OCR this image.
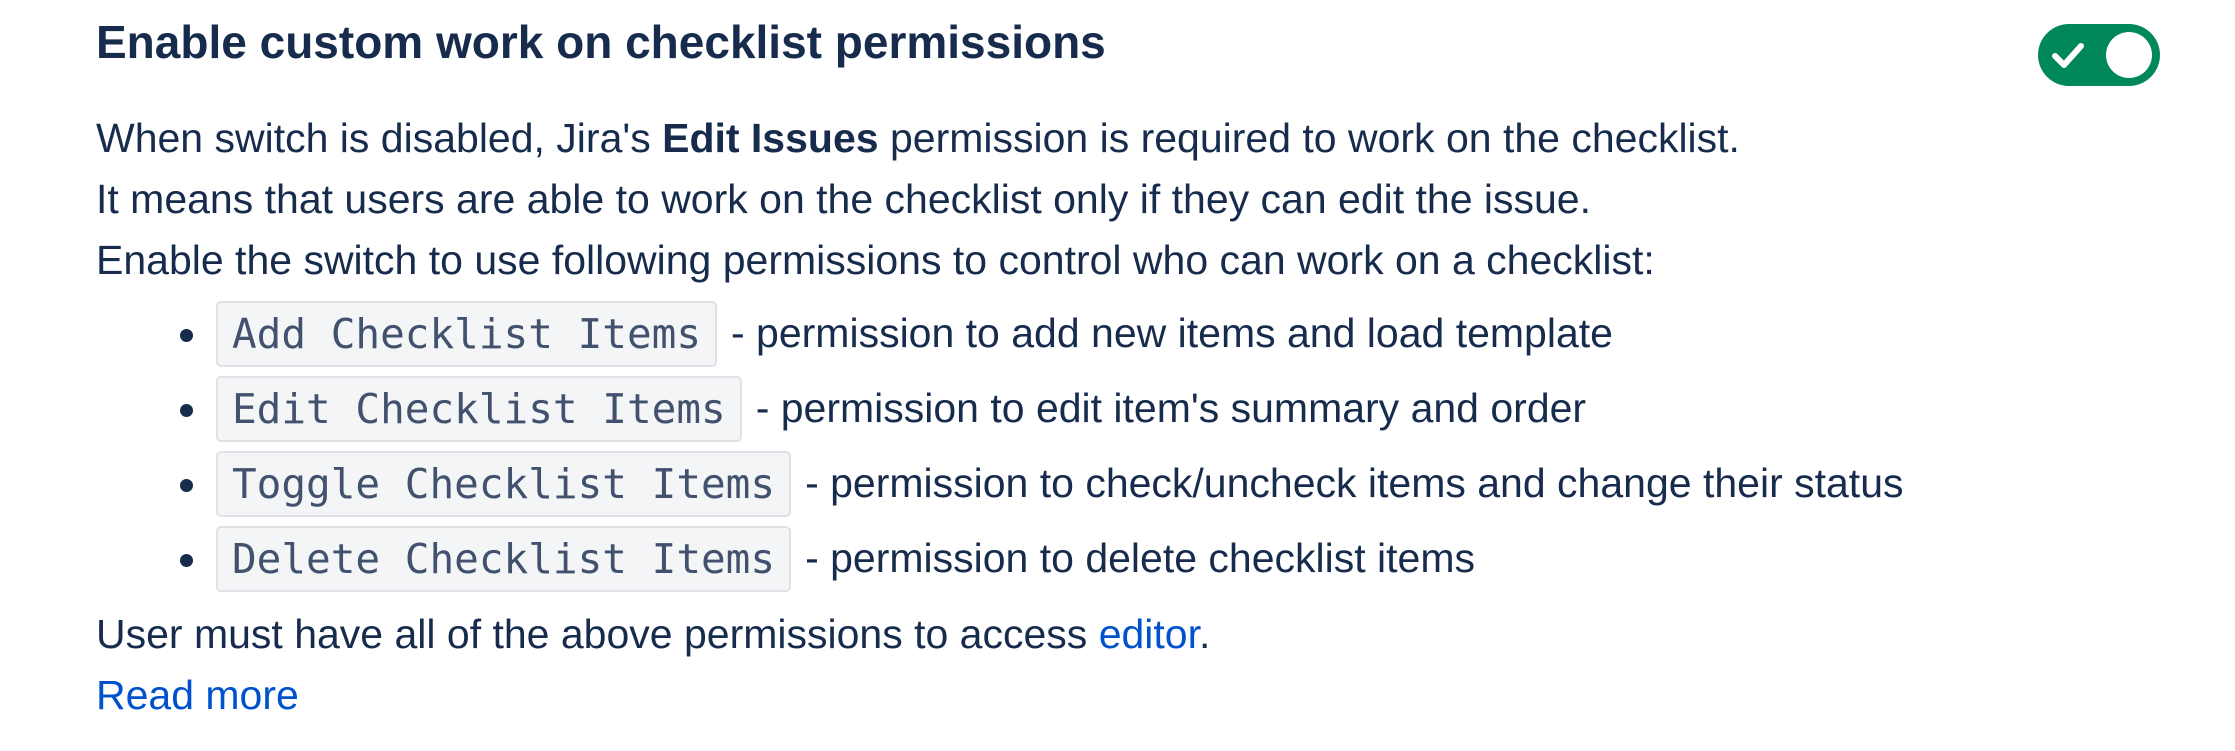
Enable custom work on checklist permissions
When switch is disabled, Jira's Edit Issues permission is required to work on the checklist.
It means that users are able to work on the checklist only if they can edit the issue.
Enable the switch to use following permissions to control who can work on a checklist:
Add Checklist Items - permission to add new items and load template
Edit Checklist Items - permission to edit item's summary and order
Toggle Checklist Items - permission to check/uncheck items and change their status
Delete Checklist Items - permission to delete checklist items
User must have all of the above permissions to access editor.
Read more
